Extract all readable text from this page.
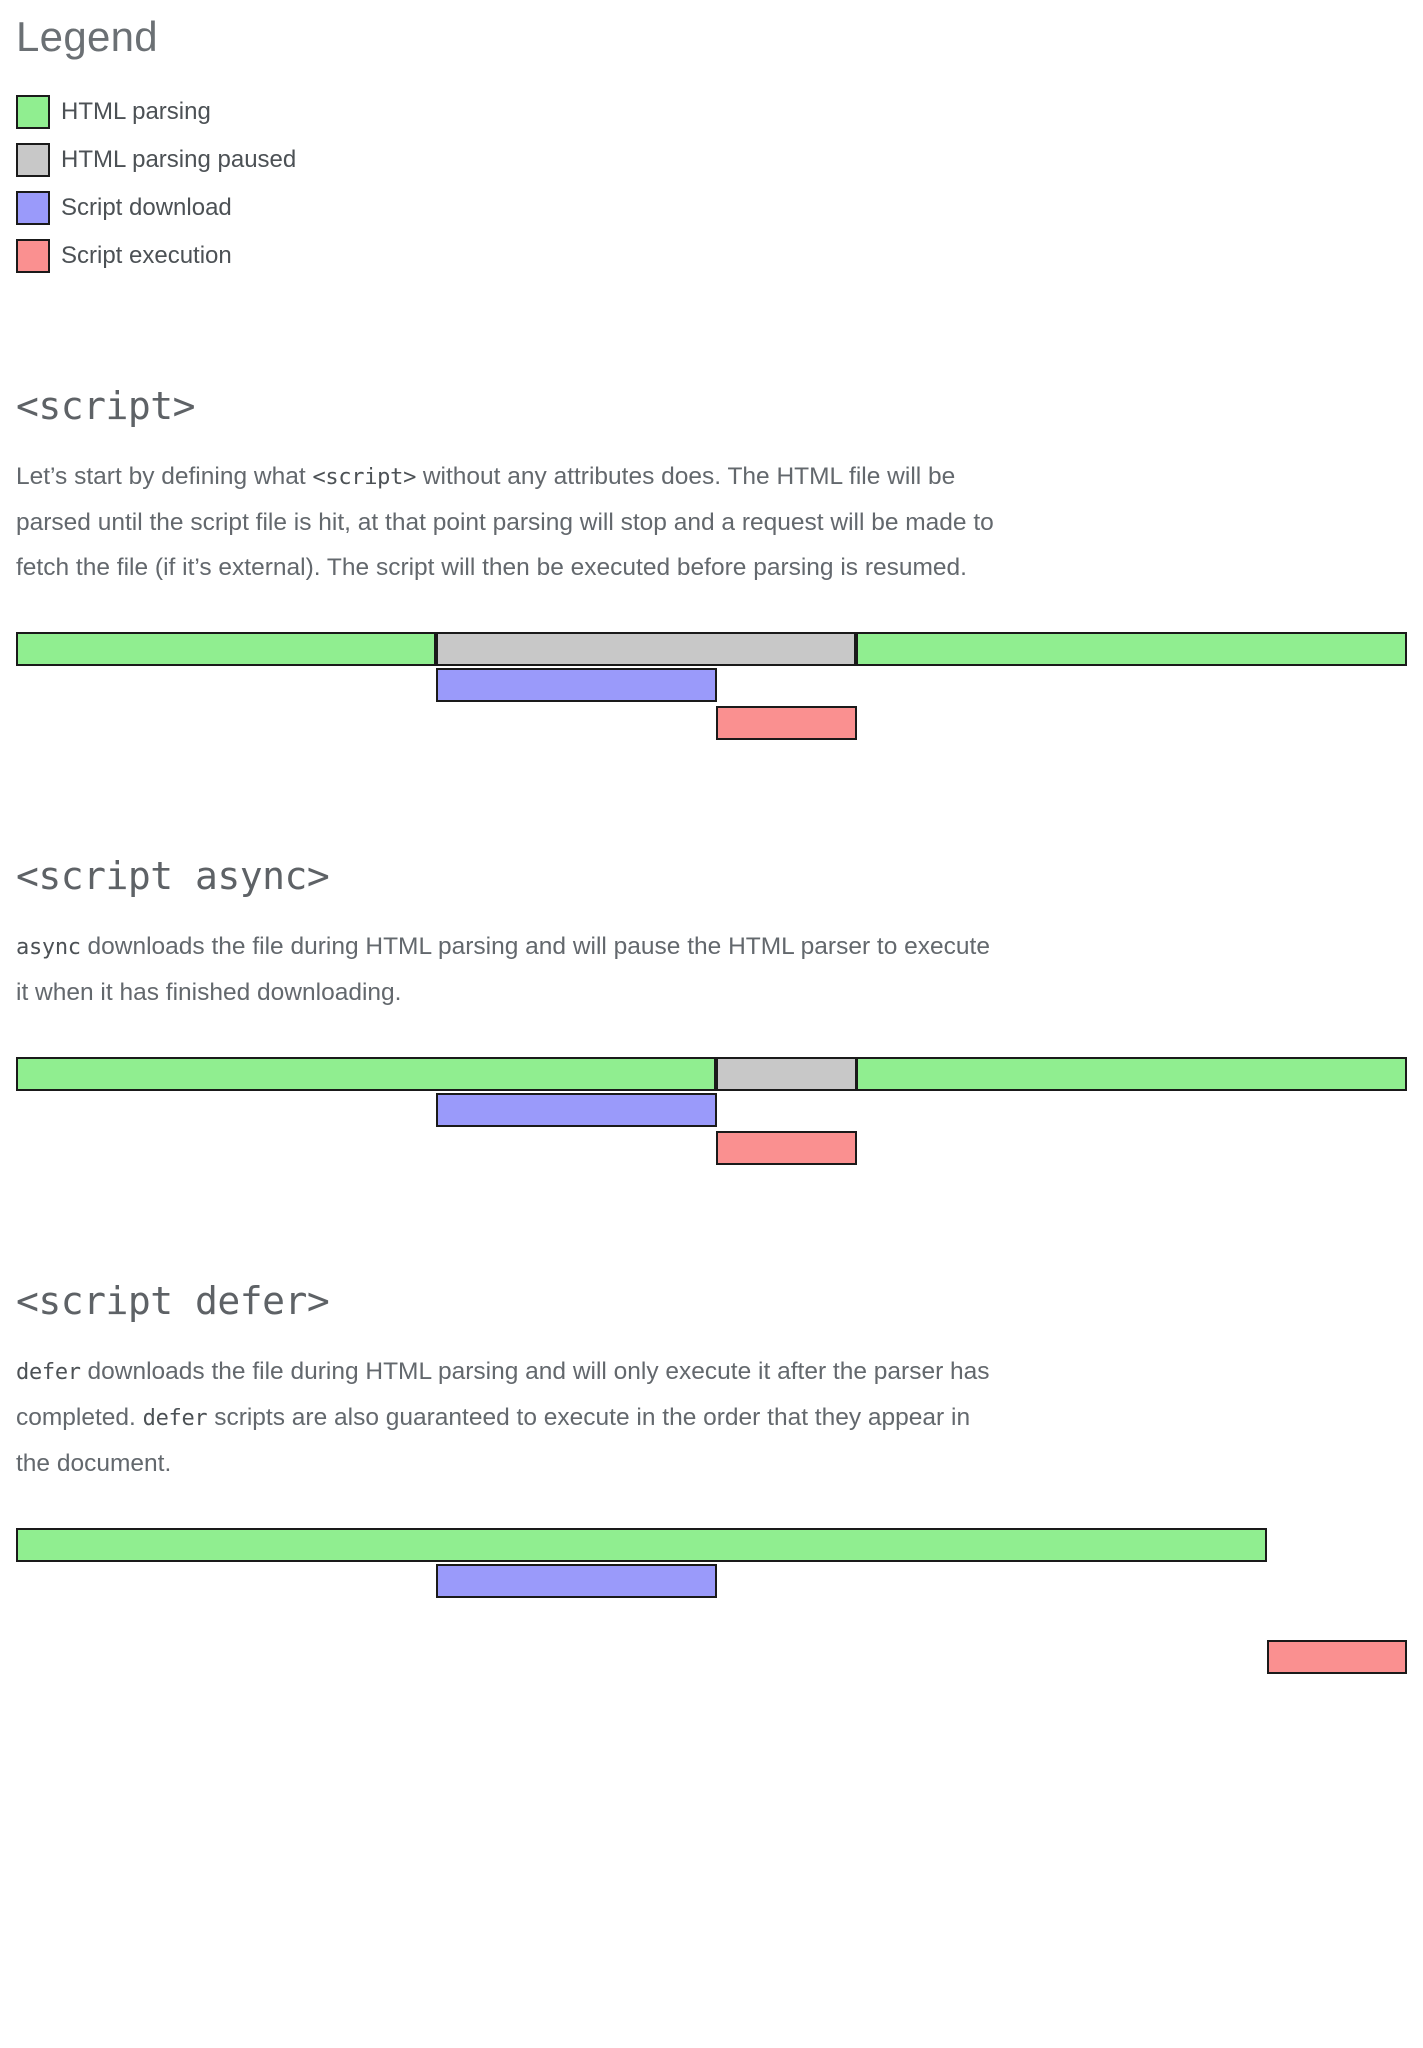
Legend
HTML parsing
HTML parsing paused
Script download
Script execution
<script>

Let’s start by defining what <script> without any attributes does. The HTML file will be parsed until the script file is hit, at that point parsing will stop and a request will be made to fetch the file (if it’s external). The script will then be executed before parsing is resumed.

<script async>

async downloads the file during HTML parsing and will pause the HTML parser to execute it when it has finished downloading.

<script defer>

defer downloads the file during HTML parsing and will only execute it after the parser has completed. defer scripts are also guaranteed to execute in the order that they appear in the document.
